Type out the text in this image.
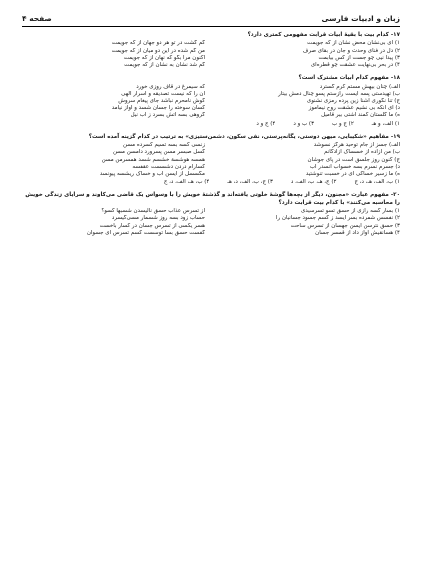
زبان و ادبیات فارسی
صفحه ۴
۱۷- کدام بیت با بقیهٔ ابیات قرابت مفهومی کمتری دارد؟
۱) ای بی‌نشان محض نشان از که جویمت
گم گشت در تو هر دو جهان از که جویمت
۲) دل در فنای وحدت و جان در بقای صرف
من گم شده در این دو میان از که جویمت
۳) پیدا نیی چو جست از کس بیابمت
اکنون مرا بگو که نهان از که جویمت
۴) در بحر بی‌نهایت عشقت چو قطره‌ای
گم شد نشان به نشان از که جویمت
۱۸- مفهوم کدام ابیات مشترک است؟
الف) چنان بیهش مستم کرم گسترد
که سیمرغ در قاف روزی خورد
ب) تهیدستی پسه ایست رازستم پسو چنال دمش بیتار
آن را که نیست تصدیقه و اسرار الهی
ج) تنا نگوری آشنا زین پرده رمزی نشنوی
گوش نامحرم نباشد جای پیغام سروش
د) ای آنکه بی نشیم عشقت روح نیماموز
کسان سوخته را جسان شسد و آواز نیامد
ه) ما گلستان کمند آشتی بیر قامیل
گروهی بسه آتش بسرد ز آب نیل
۱) الف، و هـ
۲) ج و ب
۳) ب و د
۴) ج و د
۱۹- مفاهیم «شکیبایی، میهن دوستی، یگانه‌پرستی، نفی سکون، دشمن‌ستیزی» به ترتیب در کدام گزینه آمده است؟
الف) جسز از جام توحید هرگز نسوشد
زنسی کسه بسه تسیم کسرده مسن
ب) من آزاده از خسساک آزادگانم
گسل صبسر مسن پسرورد دامسن مسن
ج) کنون روز جلسق است در پای جوشان
همسه هوشسة خشسم شسد همسرمن مسن
د) جسرم نسرم بسه خسواب انسدر آب
کسارام دردن دشسست عقفسه
ه) ما زسیر خساکی ای در خسبت تنوشتید
مگسسل از ایسن آب و خساک ریشسه پیونسد
۱) ب، الف، هـ، د، ج
۲) ج، هـ، ب، الف، د
۳) ج، ب، الف، د، هـ
۴) ب، هـ، الف، د، ج
۲۰- مفهوم عبارت «مجنون، دیگر از بچه‌ها گوشهٔ خلوتی یافته‌اند و گذشتهٔ خویش را با وسواس یک قاضی می‌کاوند و سرایای زندگی خویش را محاسبه می‌کنند» با کدام بیت قرابت دارد؟
۱) بسار گسه رازی از حسق تسو تسرسیدی
از تسرس عذاب حسق نالیسدن شسبها کسو؟
۲) نفسس شمرده بسر آیسد ز کسم جسود جسانیان را
حساب زود بسه روز شسمار مسی‌گیسرد
۳) حسق نترسن ایسن جهسان از تسرس ساحت
هسر یکسی از تسرس جسان در کسار باخست
۴) هسانقیش آواز داد از قمسر جسان
گفست حسق بسا توسست کسم تسرس ای جسوان
